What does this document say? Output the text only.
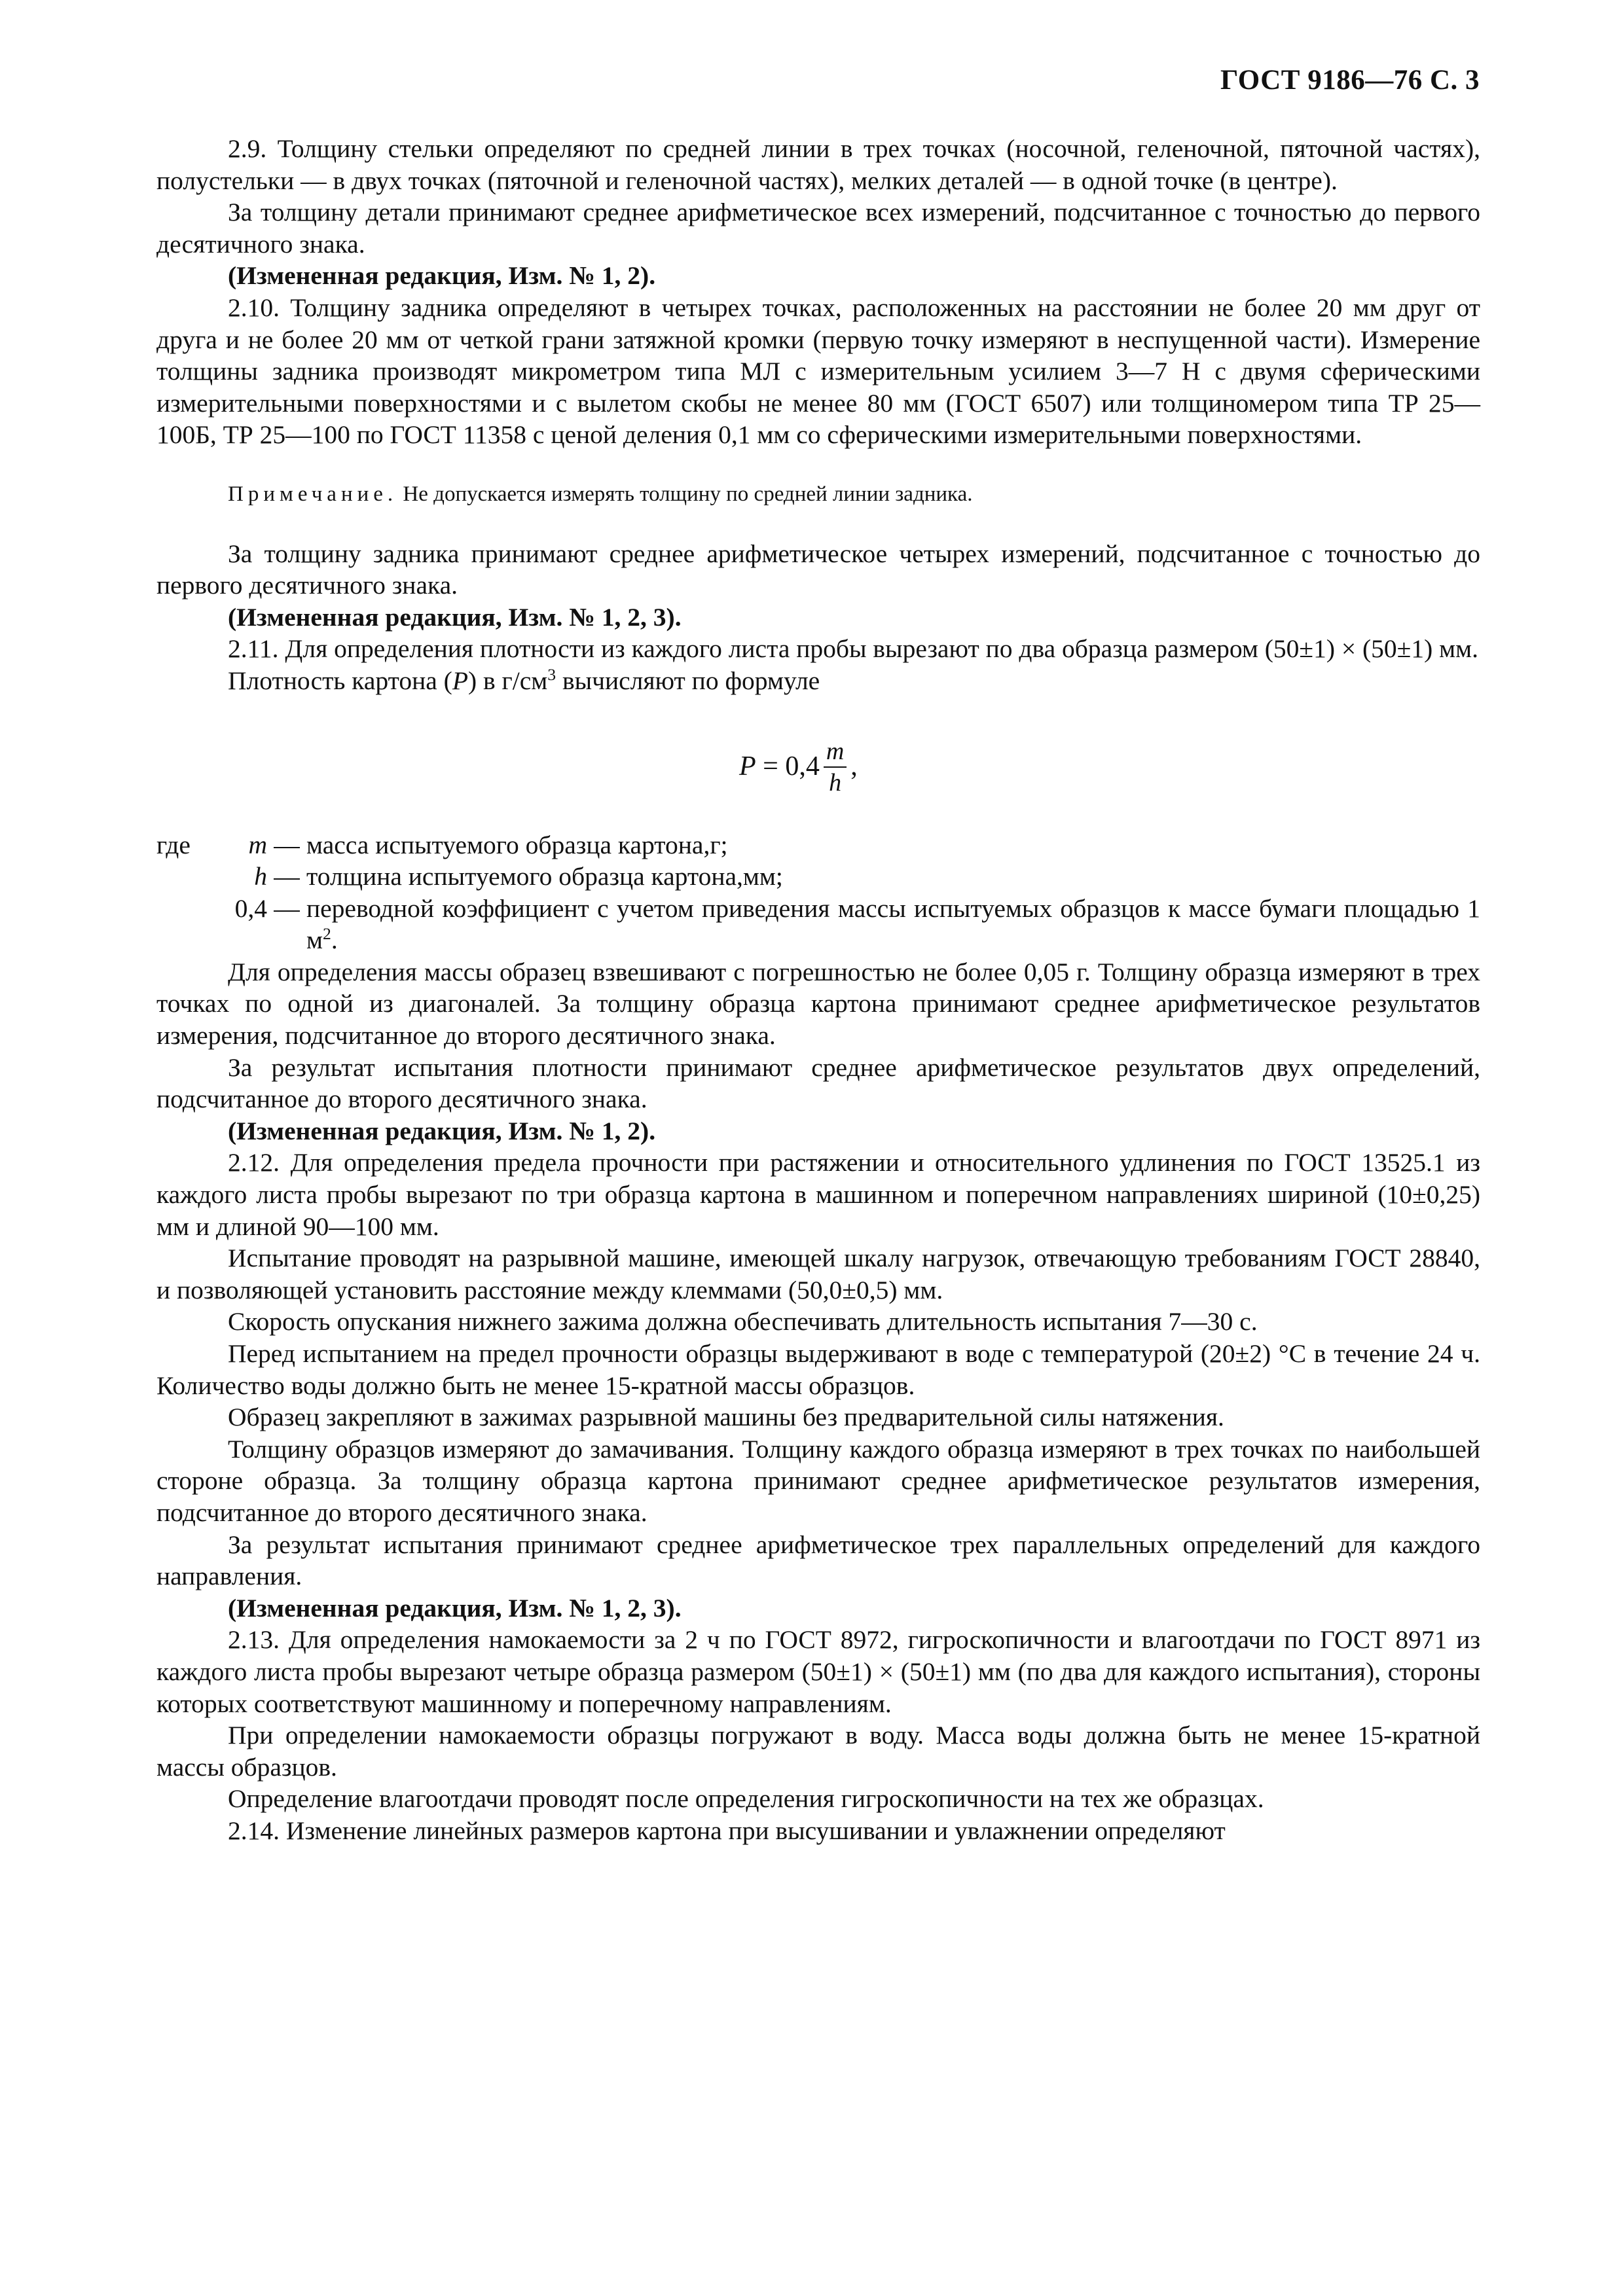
ГОСТ 9186—76 С. 3

2.9. Толщину стельки определяют по средней линии в трех точках (носочной, геленочной, пяточной частях), полустельки — в двух точках (пяточной и геленочной частях), мелких деталей — в одной точке (в центре).

За толщину детали принимают среднее арифметическое всех измерений, подсчитанное с точностью до первого десятичного знака.

(Измененная редакция, Изм. № 1, 2).

2.10. Толщину задника определяют в четырех точках, расположенных на расстоянии не более 20 мм друг от друга и не более 20 мм от четкой грани затяжной кромки (первую точку измеряют в неспущенной части). Измерение толщины задника производят микрометром типа МЛ с измерительным усилием 3—7 Н с двумя сферическими измерительными поверхностями и с вылетом скобы не менее 80 мм (ГОСТ 6507) или толщиномером типа ТР 25—100Б, ТР 25—100 по ГОСТ 11358 с ценой деления 0,1 мм со сферическими измерительными поверхностями.

Примечание. Не допускается измерять толщину по средней линии задника.

За толщину задника принимают среднее арифметическое четырех измерений, подсчитанное с точностью до первого десятичного знака.

(Измененная редакция, Изм. № 1, 2, 3).

2.11. Для определения плотности из каждого листа пробы вырезают по два образца размером (50±1) × (50±1) мм.

Плотность картона (P) в $г/см^3$ вычисляют по формуле

$P = 0,4 \frac{m}{h}$ ,
где	m — масса испытуемого образца картона,г;
h — толщина испытуемого образца картона,мм;
0,4 — переводной коэффициент с учетом приведения массы испытуемых образцов к массе бумаги площадью 1 $м^2$.

Для определения массы образец взвешивают с погрешностью не более 0,05 г. Толщину образца измеряют в трех точках по одной из диагоналей. За толщину образца картона принимают среднее арифметическое результатов измерения, подсчитанное до второго десятичного знака.

За результат испытания плотности принимают среднее арифметическое результатов двух определений, подсчитанное до второго десятичного знака.

(Измененная редакция, Изм. № 1, 2).

2.12. Для определения предела прочности при растяжении и относительного удлинения по ГОСТ 13525.1 из каждого листа пробы вырезают по три образца картона в машинном и поперечном направлениях шириной (10±0,25) мм и длиной 90—100 мм.

Испытание проводят на разрывной машине, имеющей шкалу нагрузок, отвечающую требованиям ГОСТ 28840, и позволяющей установить расстояние между клеммами (50,0±0,5) мм.

Скорость опускания нижнего зажима должна обеспечивать длительность испытания 7—30 с.

Перед испытанием на предел прочности образцы выдерживают в воде с температурой (20±2) °С в течение 24 ч. Количество воды должно быть не менее 15-кратной массы образцов.

Образец закрепляют в зажимах разрывной машины без предварительной силы натяжения.

Толщину образцов измеряют до замачивания. Толщину каждого образца измеряют в трех точках по наибольшей стороне образца. За толщину образца картона принимают среднее арифметическое результатов измерения, подсчитанное до второго десятичного знака.

За результат испытания принимают среднее арифметическое трех параллельных определений для каждого направления.

(Измененная редакция, Изм. № 1, 2, 3).

2.13. Для определения намокаемости за 2 ч по ГОСТ 8972, гигроскопичности и влагоотдачи по ГОСТ 8971 из каждого листа пробы вырезают четыре образца размером (50±1) × (50±1) мм (по два для каждого испытания), стороны которых соответствуют машинному и поперечному направлениям.

При определении намокаемости образцы погружают в воду. Масса воды должна быть не менее 15-кратной массы образцов.

Определение влагоотдачи проводят после определения гигроскопичности на тех же образцах.

2.14. Изменение линейных размеров картона при высушивании и увлажнении определяют
